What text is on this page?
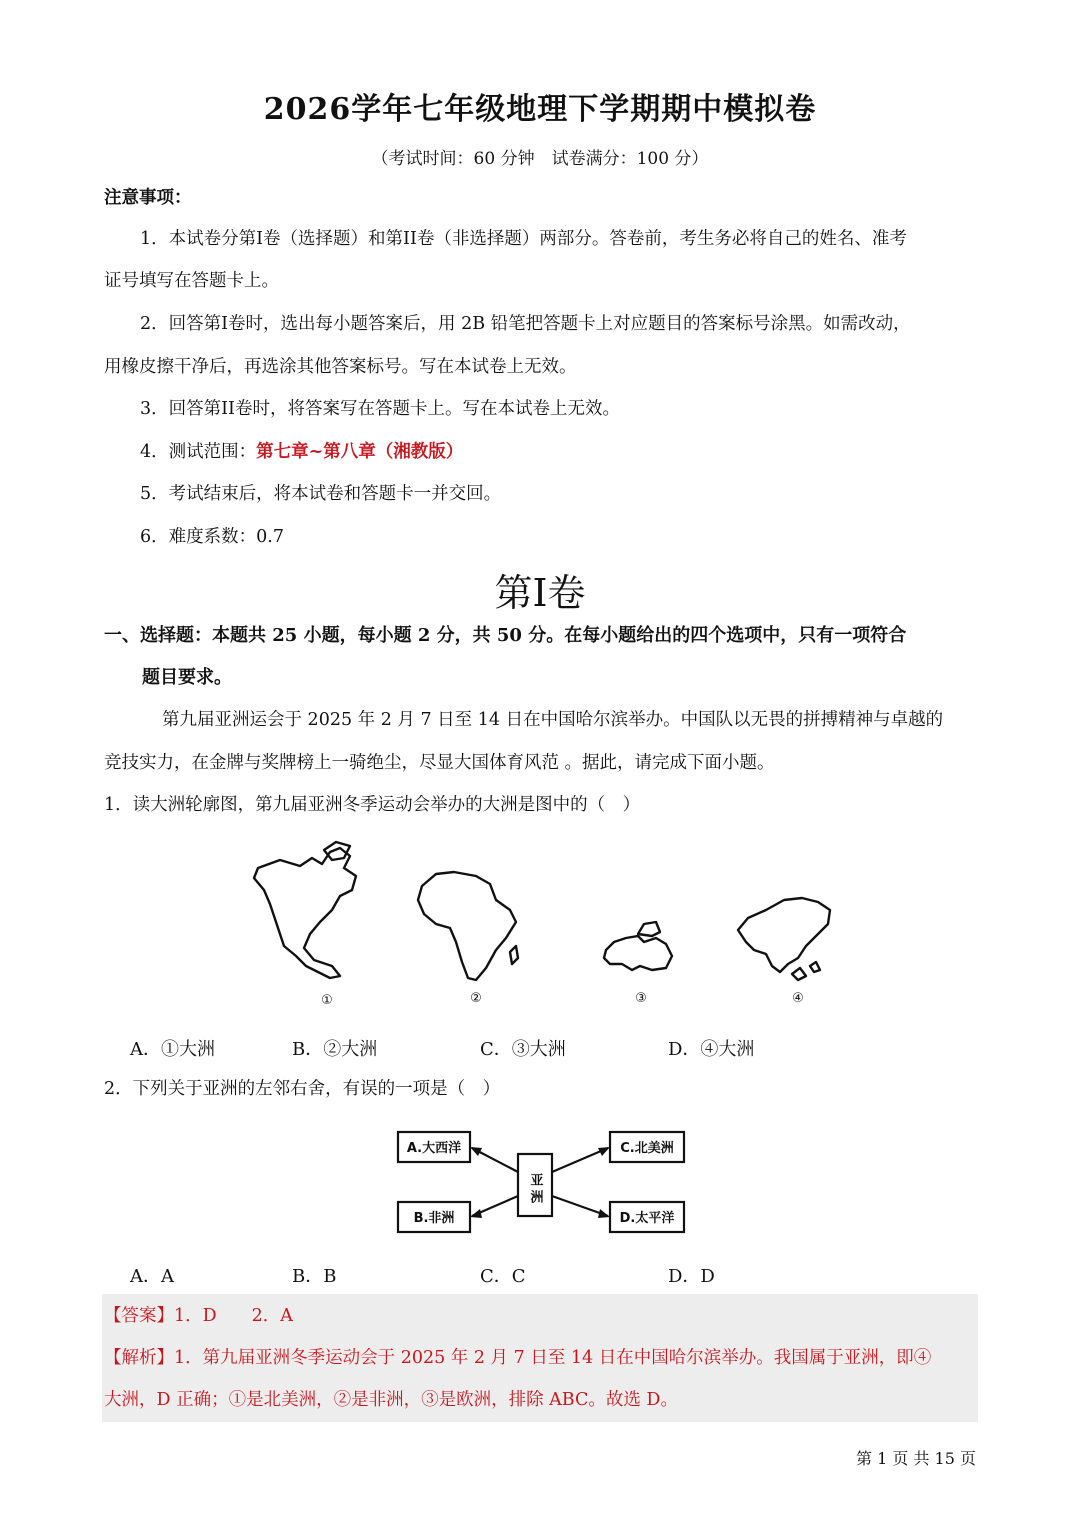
2026学年七年级地理下学期期中模拟卷
（考试时间：60 分钟　试卷满分：100 分）
注意事项：
1．本试卷分第I卷（选择题）和第II卷（非选择题）两部分。答卷前，考生务必将自己的姓名、准考
证号填写在答题卡上。
2．回答第I卷时，选出每小题答案后，用 2B 铅笔把答题卡上对应题目的答案标号涂黑。如需改动，
用橡皮擦干净后，再选涂其他答案标号。写在本试卷上无效。
3．回答第II卷时，将答案写在答题卡上。写在本试卷上无效。
4．测试范围：第七章~第八章（湘教版）
5．考试结束后，将本试卷和答题卡一并交回。
6．难度系数：0.7
第I卷
一、选择题：本题共 25 小题，每小题 2 分，共 50 分。在每小题给出的四个选项中，只有一项符合
题目要求。
第九届亚洲运会于 2025 年 2 月 7 日至 14 日在中国哈尔滨举办。中国队以无畏的拼搏精神与卓越的
竞技实力，在金牌与奖牌榜上一骑绝尘，尽显大国体育风范 。据此，请完成下面小题。
1．读大洲轮廓图，第九届亚洲冬季运动会举办的大洲是图中的（　）
①	②	③	④
A．①大洲	B．②大洲	C．③大洲	D．④大洲
2．下列关于亚洲的左邻右舍，有误的一项是（　）
A.大西洋
B.非洲
C.北美洲
D.太平洋
亚洲
A．A	B．B	C．C	D．D
【答案】1．D　　2．A
【解析】1．第九届亚洲冬季运动会于 2025 年 2 月 7 日至 14 日在中国哈尔滨举办。我国属于亚洲，即④
大洲，D 正确；①是北美洲，②是非洲，③是欧洲，排除 ABC。故选 D。
第 1 页 共 15 页
